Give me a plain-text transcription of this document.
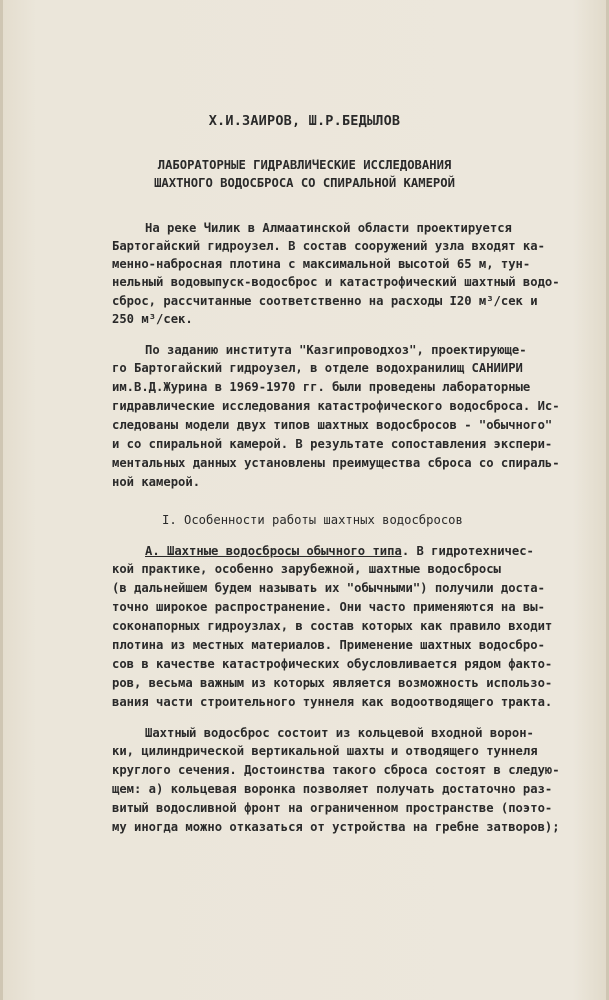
Х.И.ЗАИРОВ, Ш.Р.БЕДЫЛОВ
ЛАБОРАТОРНЫЕ ГИДРАВЛИЧЕСКИЕ ИССЛЕДОВАНИЯ
ШАХТНОГО ВОДОСБРОСА СО СПИРАЛЬНОЙ КАМЕРОЙ
На реке Чилик в Алмаатинской области проектируется
Бартогайский гидроузел. В состав сооружений узла входят ка-
менно-набросная плотина с максимальной высотой 65 м, тун-
нельный водовыпуск-водосброс и катастрофический шахтный водо-
сброс, рассчитанные соответственно на расходы I20 м³/сек и
250 м³/сек.
По заданию института "Казгипроводхоз", проектирующе-
го Бартогайский гидроузел, в отделе водохранилищ САНИИРИ
им.В.Д.Журина в 1969-1970 гг. были проведены лабораторные
гидравлические исследования катастрофического водосброса. Ис-
следованы модели двух типов шахтных водосбросов - "обычного"
и со спиральной камерой. В результате сопоставления экспери-
ментальных данных установлены преимущества сброса со спираль-
ной камерой.
I. Особенности работы шахтных водосбросов
А. Шахтные водосбросы обычного типа. В гидротехничес-
кой практике, особенно зарубежной, шахтные водосбросы
(в дальнейшем будем называть их "обычными") получили доста-
точно широкое распространение. Они часто применяются на вы-
соконапорных гидроузлах, в состав которых как правило входит
плотина из местных материалов. Применение шахтных водосбро-
сов в качестве катастрофических обусловливается рядом факто-
ров, весьма важным из которых является возможность использо-
вания части строительного туннеля как водоотводящего тракта.
Шахтный водосброс состоит из кольцевой входной ворон-
ки, цилиндрической вертикальной шахты и отводящего туннеля
круглого сечения. Достоинства такого сброса состоят в следую-
щем: а) кольцевая воронка позволяет получать достаточно раз-
витый водосливной фронт на ограниченном пространстве (поэто-
му иногда можно отказаться от устройства на гребне затворов);
